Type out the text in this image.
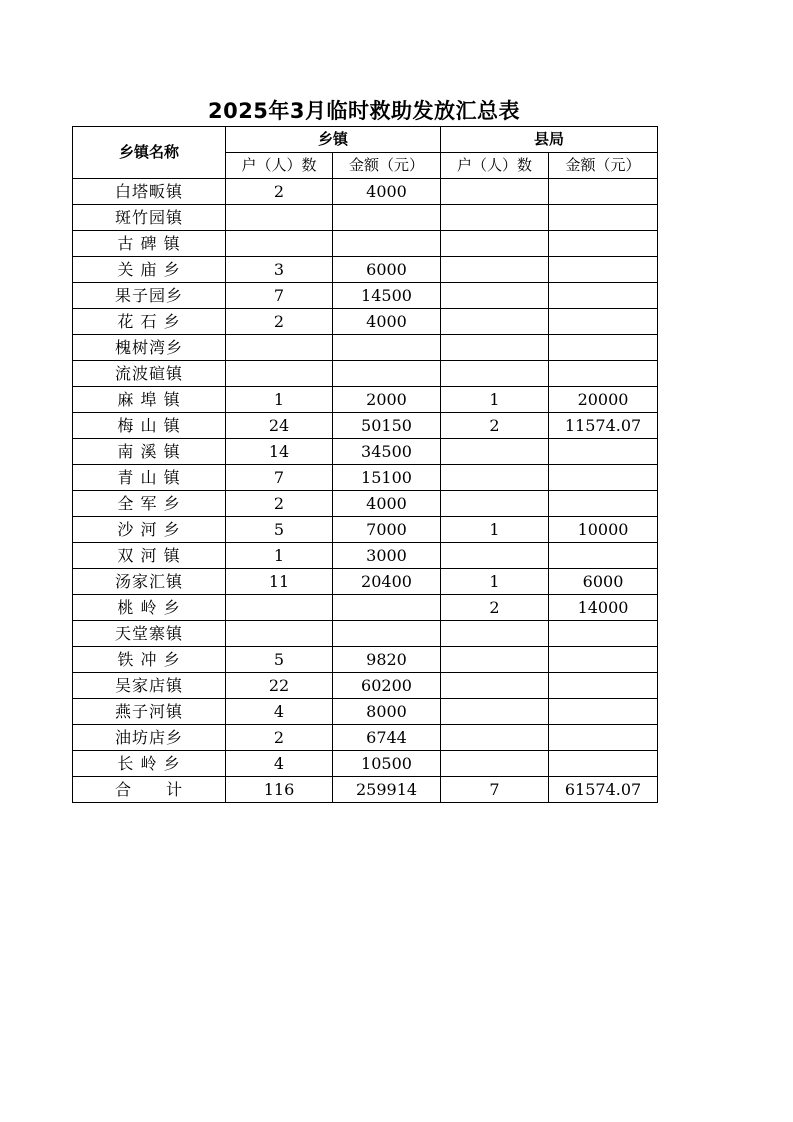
2025年3月临时救助发放汇总表
乡镇名称	乡镇		县局	
	户（人）数	金额（元）	户（人）数	金额（元）
白塔畈镇	2	4000		
斑竹园镇				
古 碑 镇				
关 庙 乡	3	6000		
果子园乡	7	14500		
花 石 乡	2	4000		
槐树湾乡				
流波碹镇				
麻 埠 镇	1	2000	1	20000
梅 山 镇	24	50150	2	11574.07
南 溪 镇	14	34500		
青 山 镇	7	15100		
全 军 乡	2	4000		
沙 河 乡	5	7000	1	10000
双 河 镇	1	3000		
汤家汇镇	11	20400	1	6000
桃 岭 乡			2	14000
天堂寨镇				
铁 冲 乡	5	9820		
吴家店镇	22	60200		
燕子河镇	4	8000		
油坊店乡	2	6744		
长 岭 乡	4	10500		
合　　计	116	259914	7	61574.07
